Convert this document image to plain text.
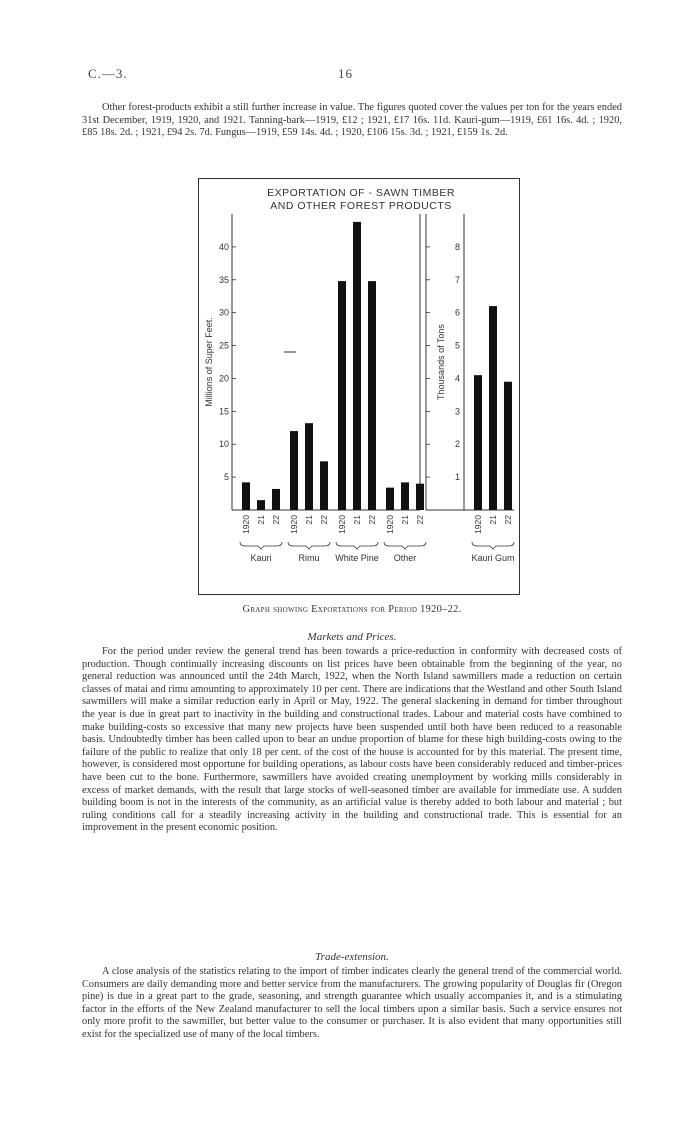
C.—3.	16

Other forest-products exhibit a still further increase in value. The figures quoted cover the values per ton for the years ended 31st December, 1919, 1920, and 1921. Tanning-bark—1919, £12 ; 1921, £17 16s. 11d. Kauri-gum—1919, £61 16s. 4d. ; 1920, £85 18s. 2d. ; 1921, £94 2s. 7d. Fungus—1919, £59 14s. 4d. ; 1920, £106 15s. 3d. ; 1921, £159 1s. 2d.

EXPORTATION OF - SAWN TIMBER
AND OTHER FOREST PRODUCTS
5
10
15
20
25
30
35
40
Millions of Super Feet.
1920 21 22
Kauri
1920 21 22
Rimu
1920 21 22
White Pine
1920 21 22
Other
1
2
3
4
5
6
7
8
Thousands of Tons
1920 21 22
Kauri Gum
Graph showing Exportations for Period 1920–22.
Markets and Prices.

For the period under review the general trend has been towards a price-reduction in conformity with decreased costs of production. Though continually increasing discounts on list prices have been obtainable from the beginning of the year, no general reduction was announced until the 24th March, 1922, when the North Island sawmillers made a reduction on certain classes of matai and rimu amounting to approximately 10 per cent. There are indications that the Westland and other South Island sawmillers will make a similar reduction early in April or May, 1922. The general slackening in demand for timber throughout the year is due in great part to inactivity in the building and constructional trades. Labour and material costs have combined to make building-costs so excessive that many new projects have been suspended until both have been reduced to a reasonable basis. Undoubtedly timber has been called upon to bear an undue proportion of blame for these high building-costs owing to the failure of the public to realize that only 18 per cent. of the cost of the house is accounted for by this material. The present time, however, is considered most opportune for building operations, as labour costs have been considerably reduced and timber-prices have been cut to the bone. Furthermore, sawmillers have avoided creating unemployment by working mills considerably in excess of market demands, with the result that large stocks of well-seasoned timber are available for immediate use. A sudden building boom is not in the interests of the community, as an artificial value is thereby added to both labour and material ; but ruling conditions call for a steadily increasing activity in the building and constructional trade. This is essential for an improvement in the present economic position.

Trade-extension.

A close analysis of the statistics relating to the import of timber indicates clearly the general trend of the commercial world. Consumers are daily demanding more and better service from the manufacturers. The growing popularity of Douglas fir (Oregon pine) is due in a great part to the grade, seasoning, and strength guarantee which usually accompanies it, and is a stimulating factor in the efforts of the New Zealand manufacturer to sell the local timbers upon a similar basis. Such a service ensures not only more profit to the sawmiller, but better value to the consumer or purchaser. It is also evident that many opportunities still exist for the specialized use of many of the local timbers.
